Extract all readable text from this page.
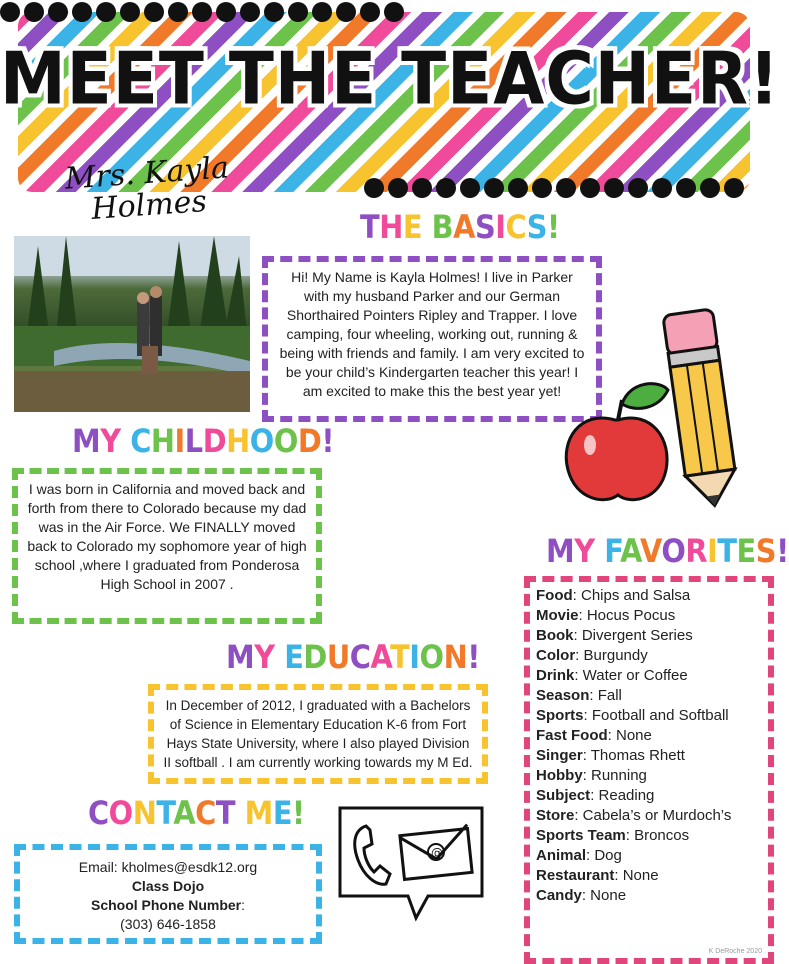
MEET THE TEACHER!
Mrs. Kayla
Holmes
THE BASICS!
Hi! My Name is Kayla Holmes! I live in Parker with my husband Parker and our German Shorthaired Pointers Ripley and Trapper. I love camping, four wheeling, working out, running & being with friends and family. I am very excited to be your child’s Kindergarten teacher this year! I am excited to make this the best year yet!
MY CHILDHOOD!
I was born in California and moved back and forth from there to Colorado because my dad was in the Air Force. We FINALLY moved back to Colorado my sophomore year of high school ,where I graduated from Ponderosa High School in 2007 .
MY FAVORITES!
Food: Chips and Salsa
Movie: Hocus Pocus
Book: Divergent Series
Color: Burgundy
Drink: Water or Coffee
Season: Fall
Sports: Football and Softball
Fast Food: None
Singer: Thomas Rhett
Hobby: Running
Subject: Reading
Store: Cabela’s or Murdoch’s
Sports Team: Broncos
Animal: Dog
Restaurant: None
Candy: None
MY EDUCATION!
In December of 2012, I graduated with a Bachelors of Science in Elementary Education K-6 from Fort Hays State University, where I also played Division II softball . I am currently working towards my M Ed.
CONTACT ME!
Email: kholmes@esdk12.org
Class Dojo
School Phone Number:
(303) 646-1858
@
K DeRoche 2020
